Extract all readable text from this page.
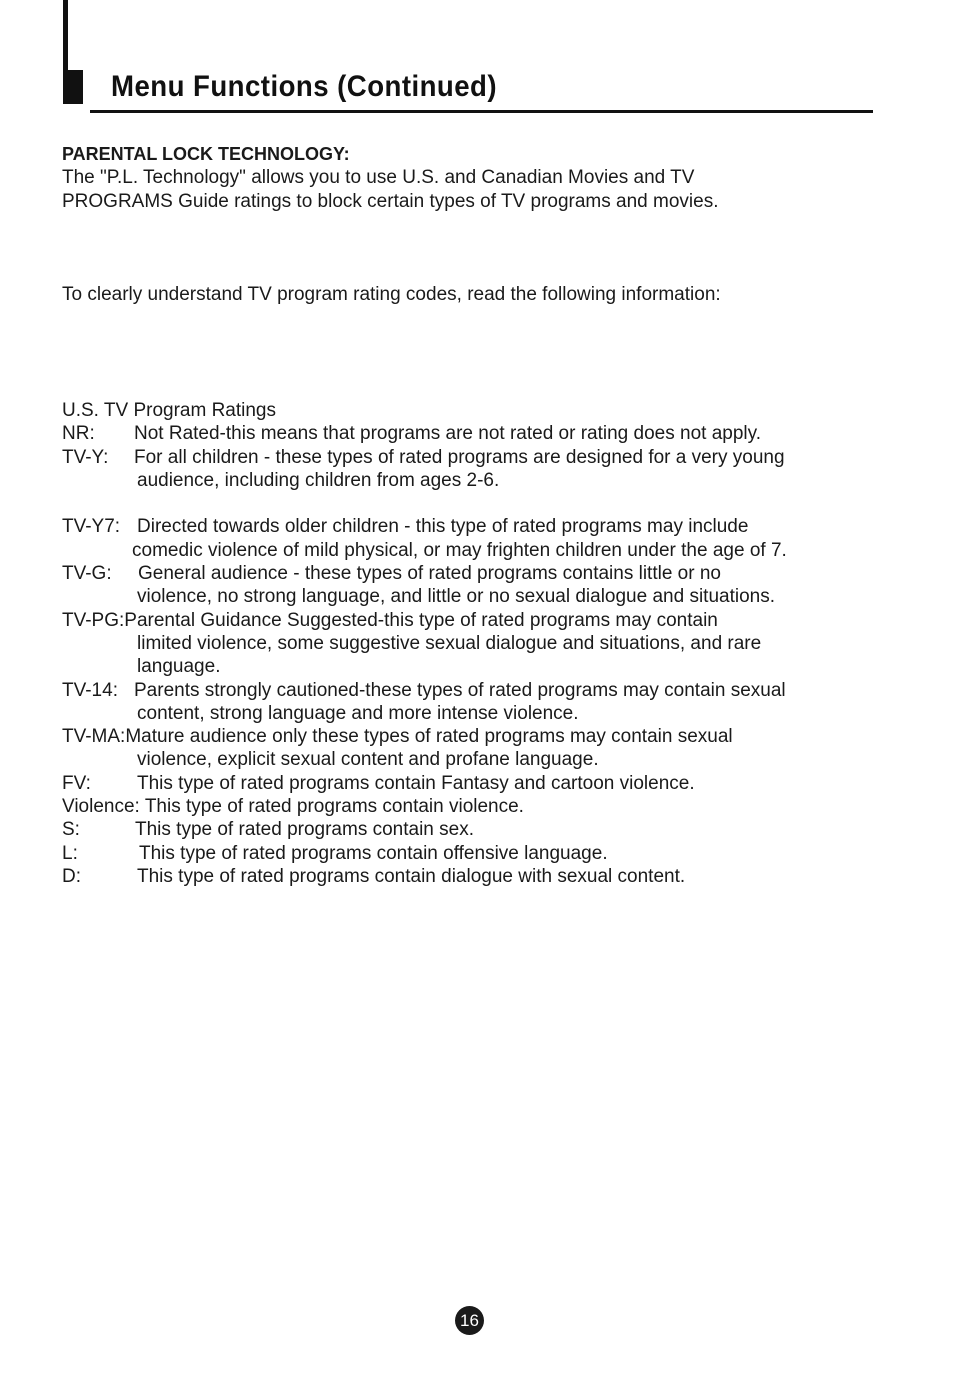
Menu Functions (Continued)
PARENTAL LOCK TECHNOLOGY:
The "P.L. Technology" allows you to use U.S. and Canadian Movies and TV
PROGRAMS Guide ratings to block certain types of TV programs and movies.
To clearly understand TV program rating codes, read the following information:
U.S. TV Program Ratings
NR: Not Rated-this means that programs are not rated or rating does not apply.
TV-Y: For all children - these types of rated programs are designed for a very young
audience, including children from ages 2-6.
TV-Y7: Directed towards older children - this type of rated programs may include
comedic violence of mild physical, or may frighten children under the age of 7.
TV-G: General audience - these types of rated programs contains little or no
violence, no strong language, and little or no sexual dialogue and situations.
TV-PG:Parental Guidance Suggested-this type of rated programs may contain
limited violence, some suggestive sexual dialogue and situations, and rare
language.
TV-14: Parents strongly cautioned-these types of rated programs may contain sexual
content, strong language and more intense violence.
TV-MA:Mature audience only these types of rated programs may contain sexual
violence, explicit sexual content and profane language.
FV: This type of rated programs contain Fantasy and cartoon violence.
Violence: This type of rated programs contain violence.
S:	This type of rated programs contain sex.
L:	This type of rated programs contain offensive language.
D:	This type of rated programs contain dialogue with sexual content.
16
